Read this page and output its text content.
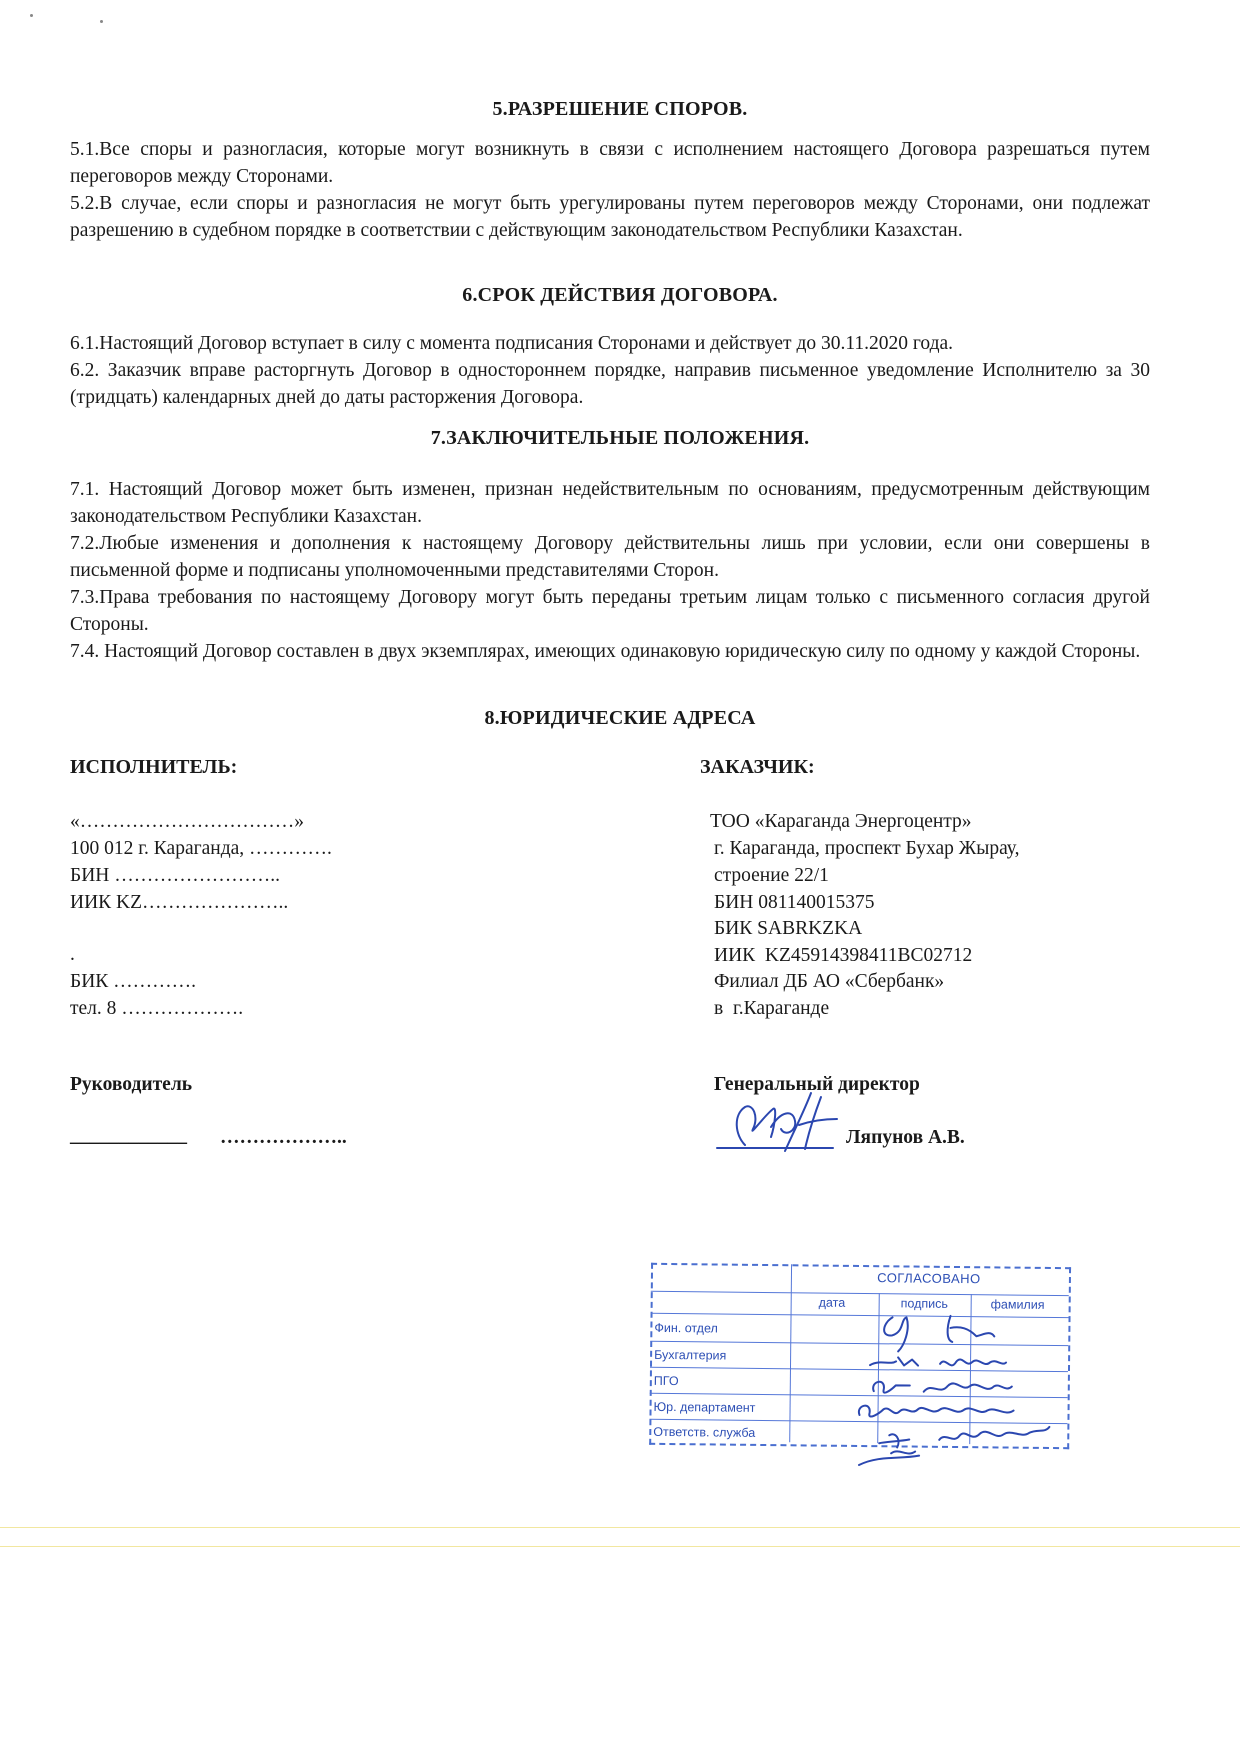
5.РАЗРЕШЕНИЕ СПОРОВ.
5.1.Все споры и разногласия, которые могут возникнуть в связи с исполнением настоящего Договора разрешаться путем переговоров между Сторонами.
5.2.В случае, если споры и разногласия не могут быть урегулированы путем переговоров между Сторонами, они подлежат разрешению в судебном порядке в соответствии с действующим законодательством Республики Казахстан.
6.СРОК ДЕЙСТВИЯ ДОГОВОРА.
6.1.Настоящий Договор вступает в силу с момента подписания Сторонами и действует до 30.11.2020 года.
6.2. Заказчик вправе расторгнуть Договор в одностороннем порядке, направив письменное уведомление Исполнителю за 30 (тридцать) календарных дней до даты расторжения Договора.
7.ЗАКЛЮЧИТЕЛЬНЫЕ ПОЛОЖЕНИЯ.
7.1. Настоящий Договор может быть изменен, признан недействительным по основаниям, предусмотренным действующим законодательством Республики Казахстан.
7.2.Любые изменения и дополнения к настоящему Договору действительны лишь при условии, если они совершены в письменной форме и подписаны уполномоченными представителями Сторон.
7.3.Права требования по настоящему Договору могут быть переданы третьим лицам только с письменного согласия другой Стороны.
7.4. Настоящий Договор составлен в двух экземплярах, имеющих одинаковую юридическую силу по одному у каждой Стороны.
8.ЮРИДИЧЕСКИЕ АДРЕСА
ИСПОЛНИТЕЛЬ:
«……………………………»
100 012 г. Караганда, ………….
БИН ……………………..
ИИК KZ…………………..
.
БИК ………….
тел. 8 ……………….
Руководитель
____________ ………………..
ЗАКАЗЧИК:
ТОО «Караганда Энергоцентр»
г. Караганда, проспект Бухар Жырау,
строение 22/1
БИН 081140015375
БИК SABRKZKA
ИИК  KZ45914398411BC02712
Филиал ДБ АО «Сбербанк»
в  г.Караганде
Генеральный директор
Ляпунов А.В.
СОГЛАСОВАНО
дата	подпись	фамилия
Фин. отдел
Бухгалтерия
ПГО
Юр. департамент
Ответств. служба
